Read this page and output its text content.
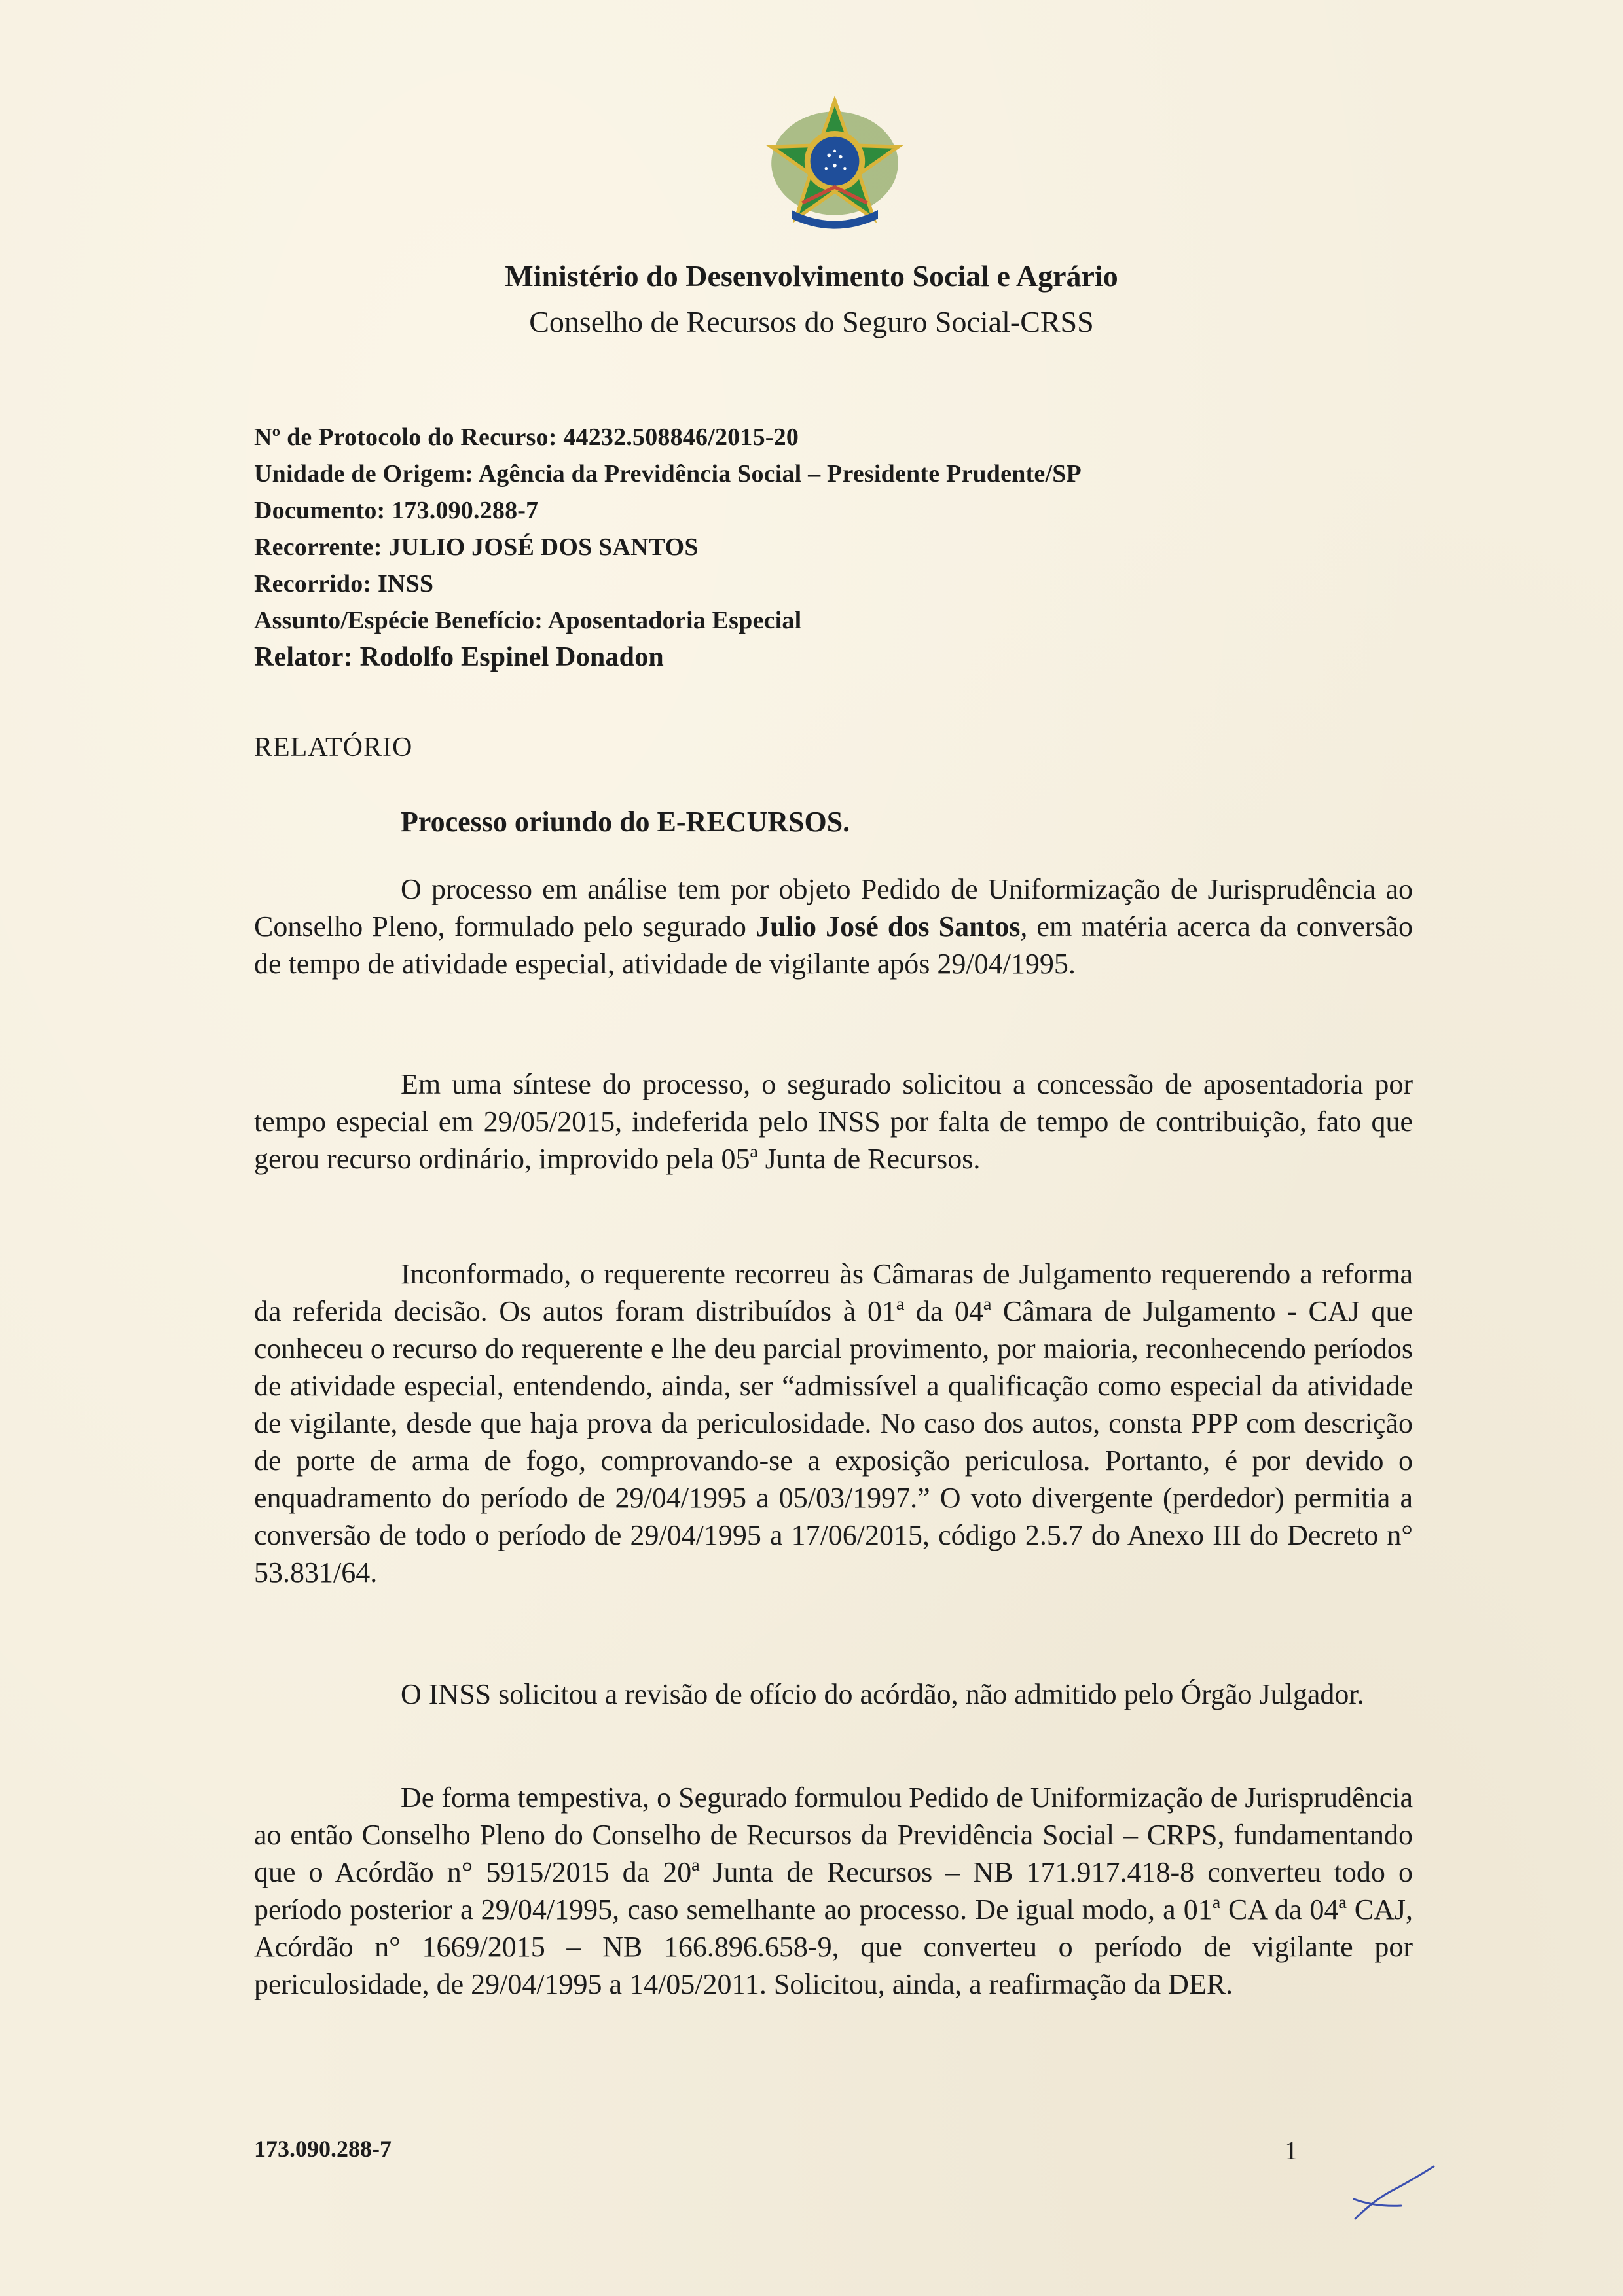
Ministério do Desenvolvimento Social e Agrário
Conselho de Recursos do Seguro Social-CRSS
Nº de Protocolo do Recurso: 44232.508846/2015-20
Unidade de Origem: Agência da Previdência Social – Presidente Prudente/SP
Documento: 173.090.288-7
Recorrente: JULIO JOSÉ DOS SANTOS
Recorrido: INSS
Assunto/Espécie Benefício: Aposentadoria Especial
Relator: Rodolfo Espinel Donadon
RELATÓRIO
Processo oriundo do E-RECURSOS.
O processo em análise tem por objeto Pedido de Uniformização de Jurisprudência ao Conselho Pleno, formulado pelo segurado Julio José dos Santos, em matéria acerca da conversão de tempo de atividade especial, atividade de vigilante após 29/04/1995.
Em uma síntese do processo, o segurado solicitou a concessão de aposentadoria por tempo especial em 29/05/2015, indeferida pelo INSS por falta de tempo de contribuição, fato que gerou recurso ordinário, improvido pela 05ª Junta de Recursos.
Inconformado, o requerente recorreu às Câmaras de Julgamento requerendo a reforma da referida decisão. Os autos foram distribuídos à 01ª da 04ª Câmara de Julgamento - CAJ que conheceu o recurso do requerente e lhe deu parcial provimento, por maioria, reconhecendo períodos de atividade especial, entendendo, ainda, ser “admissível a qualificação como especial da atividade de vigilante, desde que haja prova da periculosidade. No caso dos autos, consta PPP com descrição de porte de arma de fogo, comprovando-se a exposição periculosa. Portanto, é por devido o enquadramento do período de 29/04/1995 a 05/03/1997.” O voto divergente (perdedor) permitia a conversão de todo o período de 29/04/1995 a 17/06/2015, código 2.5.7 do Anexo III do Decreto n° 53.831/64.
O INSS solicitou a revisão de ofício do acórdão, não admitido pelo Órgão Julgador.
De forma tempestiva, o Segurado formulou Pedido de Uniformização de Jurisprudência ao então Conselho Pleno do Conselho de Recursos da Previdência Social – CRPS, fundamentando que o Acórdão n° 5915/2015 da 20ª Junta de Recursos – NB 171.917.418-8 converteu todo o período posterior a 29/04/1995, caso semelhante ao processo. De igual modo, a 01ª CA da 04ª CAJ, Acórdão n° 1669/2015 – NB 166.896.658-9, que converteu o período de vigilante por periculosidade, de 29/04/1995 a 14/05/2011. Solicitou, ainda, a reafirmação da DER.
173.090.288-7	1
